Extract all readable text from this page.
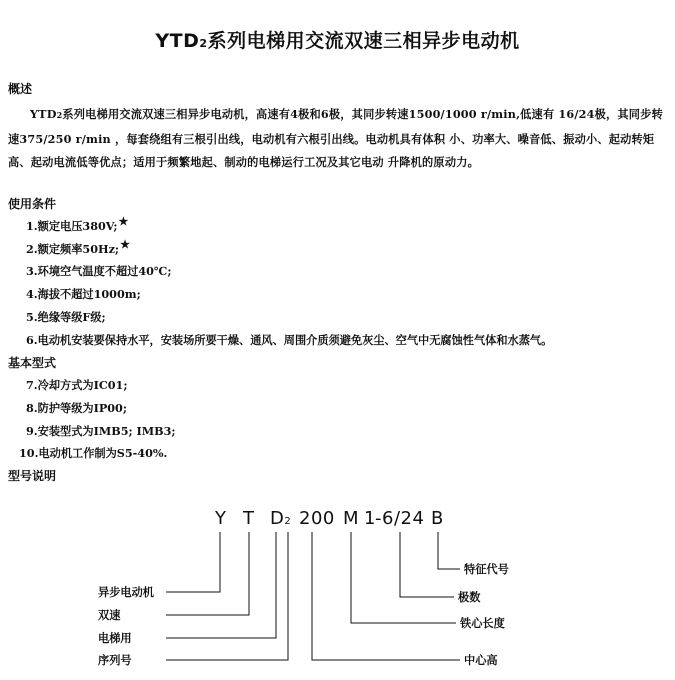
YTD2系列电梯用交流双速三相异步电动机
概述
YTD2系列电梯用交流双速三相异步电动机，高速有4极和6极，其同步转速1500/1000 r/min,低速有 16/24极，其同步转速375/250 r/min ，每套绕组有三根引出线，电动机有六根引出线。电动机具有体积 小、功率大、噪音低、振动小、起动转矩高、起动电流低等优点；适用于频繁地起、制动的电梯运行工况及其它电动 升降机的原动力。
使用条件
1.额定电压380V;★
2.额定频率50Hz;★
3.环境空气温度不超过40℃;
4.海拔不超过1000m;
5.绝缘等级F级;
6.电动机安装要保持水平，安装场所要干燥、通风、周围介质须避免灰尘、空气中无腐蚀性气体和水蒸气。
基本型式
7.冷却方式为IC01;
8.防护等级为IP00;
9.安装型式为IMB5; IMB3;
10.电动机工作制为S5-40%.
型号说明
Y T D2 200 M 1 -6/24 B
异步电动机
双速
电梯用
序列号
特征代号
极数
铁心长度
中心高
